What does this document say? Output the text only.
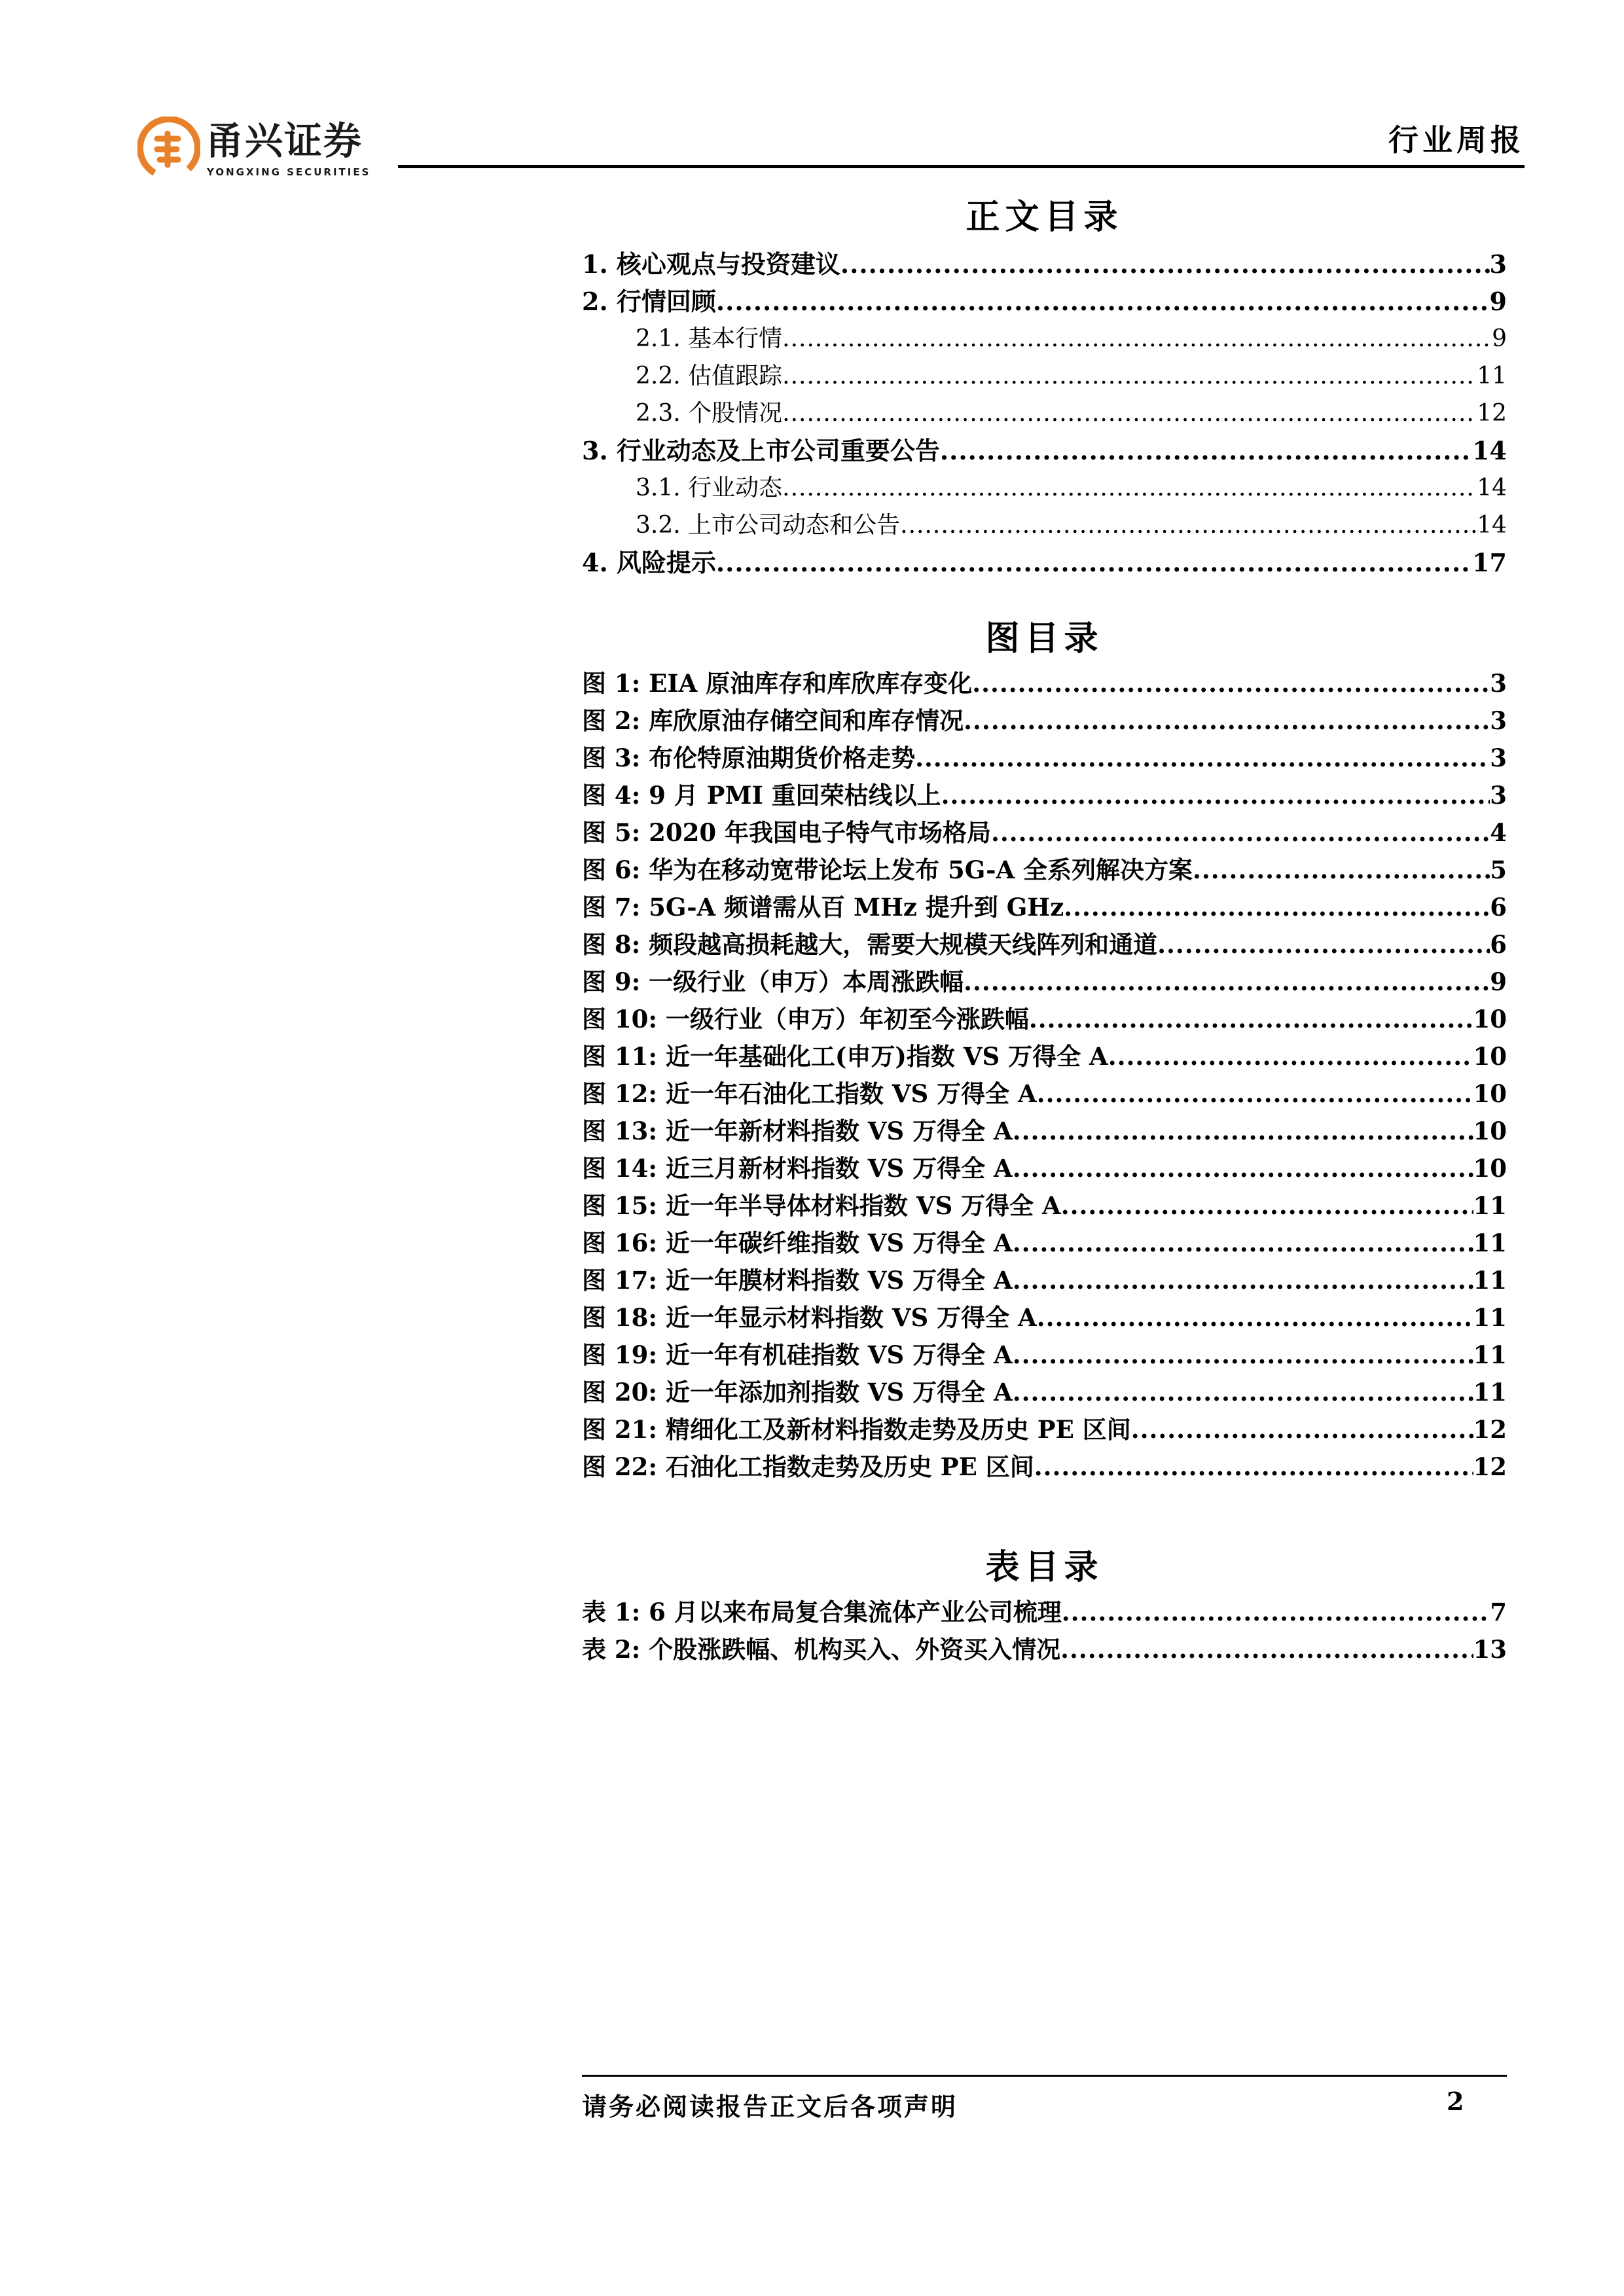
甬兴证券
YONGXING SECURITIES
行业周报
正文目录
1. 核心观点与投资建议 .....	3
2. 行情回顾 .....	9
2.1. 基本行情 .....	9
2.2. 估值跟踪 .....	11
2.3. 个股情况 .....	12
3. 行业动态及上市公司重要公告 .....	14
3.1. 行业动态 .....	14
3.2. 上市公司动态和公告 .....	14
4. 风险提示 .....	17
图目录
图 1: EIA 原油库存和库欣库存变化 .....	3
图 2: 库欣原油存储空间和库存情况 .....	3
图 3: 布伦特原油期货价格走势 .....	3
图 4: 9 月 PMI 重回荣枯线以上 .....	3
图 5: 2020 年我国电子特气市场格局 .....	4
图 6: 华为在移动宽带论坛上发布 5G-A 全系列解决方案 .....	5
图 7: 5G-A 频谱需从百 MHz 提升到 GHz .....	6
图 8: 频段越高损耗越大，需要大规模天线阵列和通道 .....	6
图 9: 一级行业（申万）本周涨跌幅 .....	9
图 10: 一级行业（申万）年初至今涨跌幅 .....	10
图 11: 近一年基础化工(申万)指数 VS 万得全 A .....	10
图 12: 近一年石油化工指数 VS 万得全 A .....	10
图 13: 近一年新材料指数 VS 万得全 A .....	10
图 14: 近三月新材料指数 VS 万得全 A .....	10
图 15: 近一年半导体材料指数 VS 万得全 A .....	11
图 16: 近一年碳纤维指数 VS 万得全 A .....	11
图 17: 近一年膜材料指数 VS 万得全 A .....	11
图 18: 近一年显示材料指数 VS 万得全 A .....	11
图 19: 近一年有机硅指数 VS 万得全 A .....	11
图 20: 近一年添加剂指数 VS 万得全 A .....	11
图 21: 精细化工及新材料指数走势及历史 PE 区间 .....	12
图 22: 石油化工指数走势及历史 PE 区间 .....	12
表目录
表 1: 6 月以来布局复合集流体产业公司梳理 .....	7
表 2: 个股涨跌幅、机构买入、外资买入情况 .....	13
请务必阅读报告正文后各项声明	2
